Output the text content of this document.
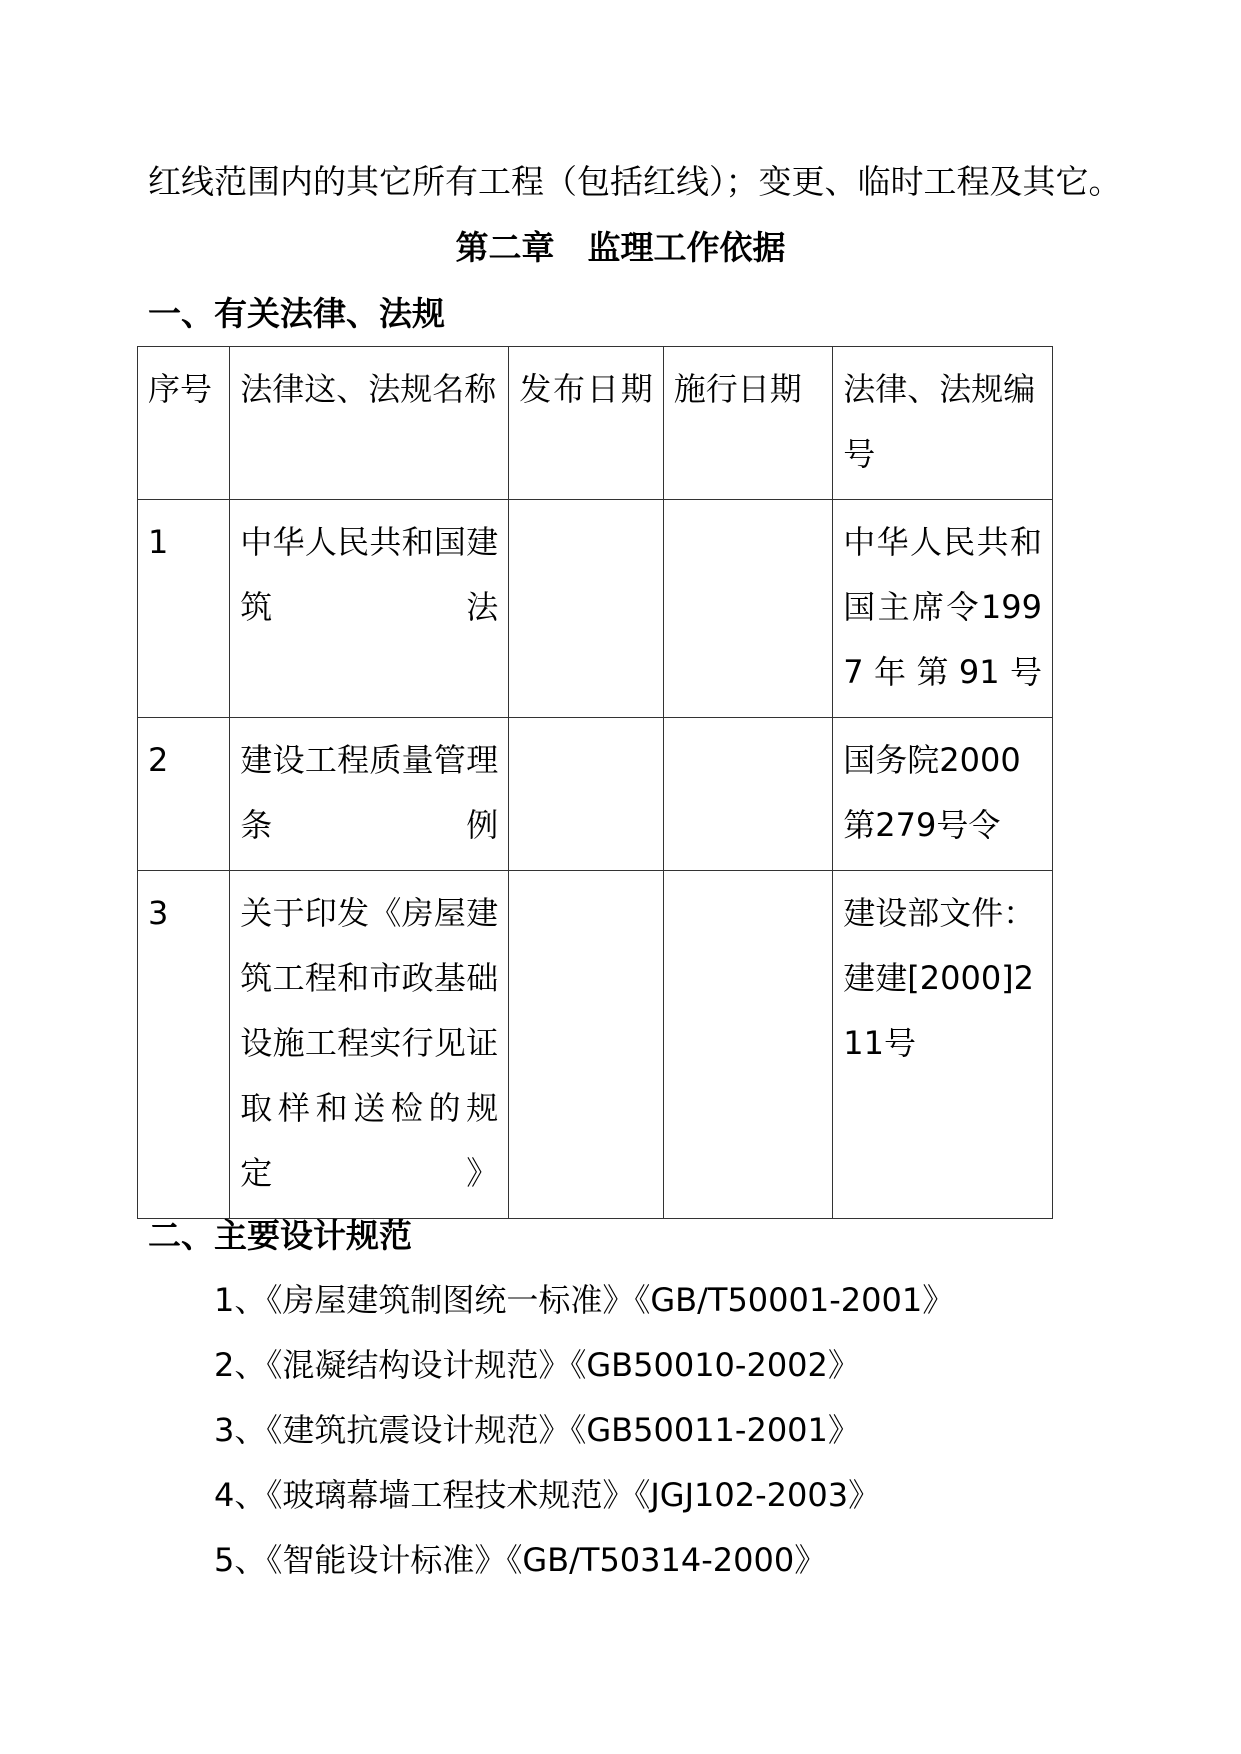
红线范围内的其它所有工程（包括红线）；变更、临时工程及其它。
第二章　监理工作依据
一、有关法律、法规
序号	法律这、法规名称	发布日期	施行日期	法律、法规编号
1	中华人民共和国建筑法			中华人民共和国主席令1997年第91号
2	建设工程质量管理条例			国务院2000第279号令
3	关于印发《房屋建筑工程和市政基础设施工程实行见证取样和送检的规定》			建设部文件：建建[2000]211号
二、主要设计规范
1、《房屋建筑制图统一标准》《GB/T50001-2001》
2、《混凝结构设计规范》《GB50010-2002》
3、《建筑抗震设计规范》《GB50011-2001》
4、《玻璃幕墙工程技术规范》《JGJ102-2003》
5、《智能设计标准》《GB/T50314-2000》
